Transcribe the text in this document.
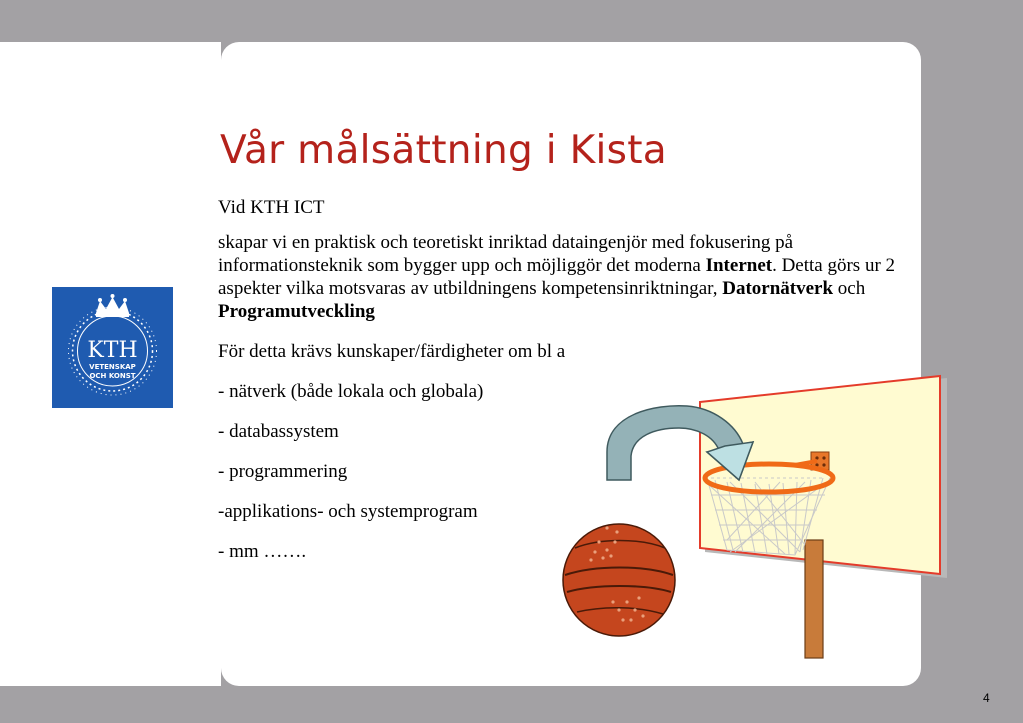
Vår målsättning i Kista
KTH
VETENSKAP
OCH KONST

Vid KTH ICT

skapar vi en praktisk och teoretiskt inriktad dataingenjör med fokusering på informationsteknik som bygger upp och möjliggör det moderna Internet. Detta görs ur 2 aspekter vilka motsvaras av utbildningens kompetensinriktningar, Datornätverk och Programutveckling

För detta krävs kunskaper/färdigheter om bl a

- nätverk (både lokala och globala)

- databassystem

- programmering

-applikations- och systemprogram

- mm …….

4
